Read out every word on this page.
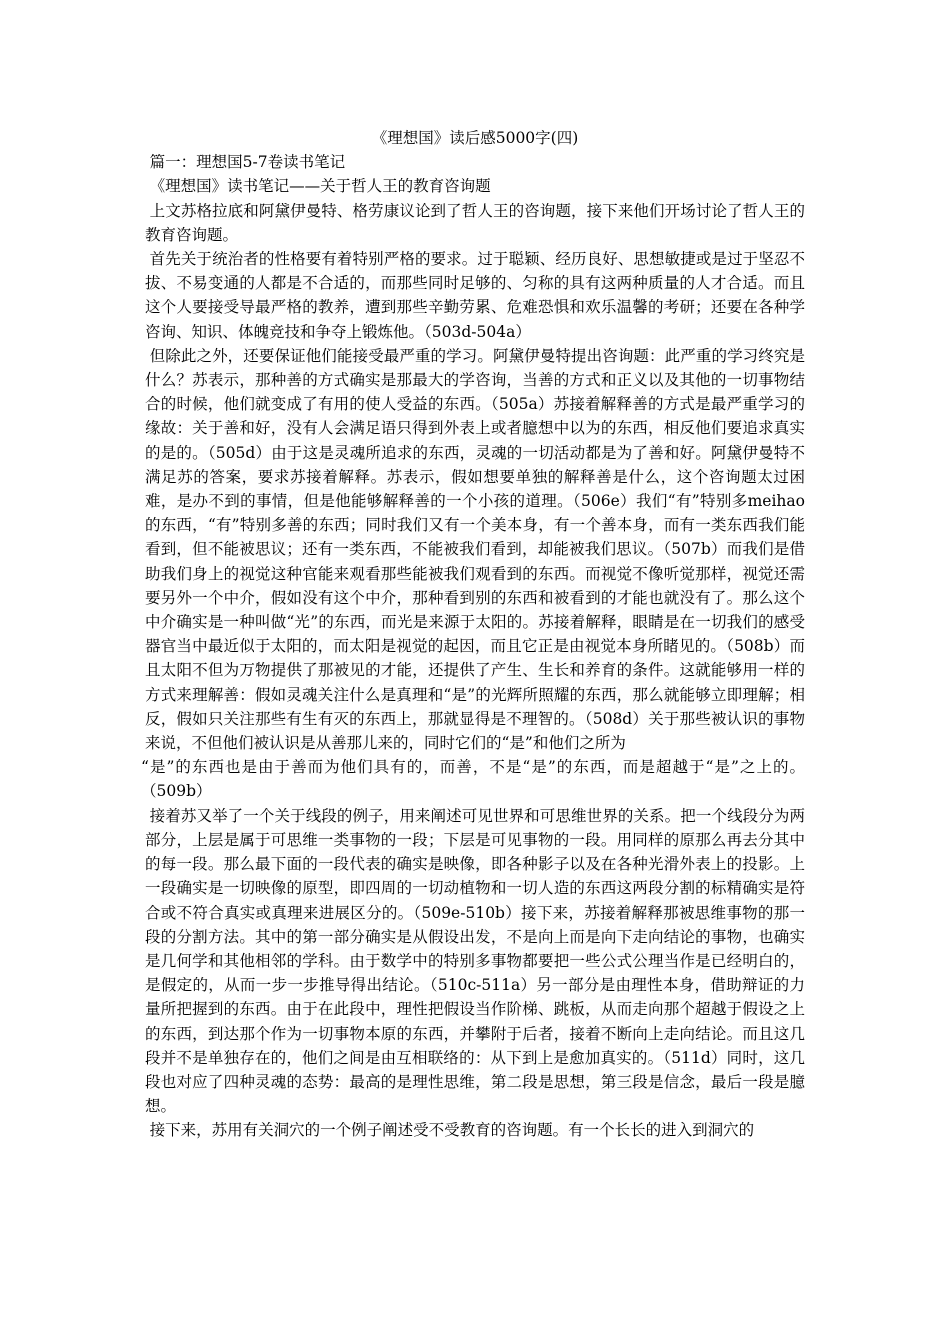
《理想国》读后感5000字(四)

篇一：理想国5-7卷读书笔记

《理想国》读书笔记——关于哲人王的教育咨询题

上文苏格拉底和阿黛伊曼特、格劳康议论到了哲人王的咨询题，接下来他们开场讨论了哲人王的教育咨询题。

首先关于统治者的性格要有着特别严格的要求。过于聪颖、经历良好、思想敏捷或是过于坚忍不拔、不易变通的人都是不合适的，而那些同时足够的、匀称的具有这两种质量的人才合适。而且这个人要接受导最严格的教养，遭到那些辛勤劳累、危难恐惧和欢乐温馨的考研；还要在各种学咨询、知识、体魄竞技和争夺上锻炼他。（503d-504a）

但除此之外，还要保证他们能接受最严重的学习。阿黛伊曼特提出咨询题：此严重的学习终究是什么？苏表示，那种善的方式确实是那最大的学咨询，当善的方式和正义以及其他的一切事物结合的时候，他们就变成了有用的使人受益的东西。（505a）苏接着解释善的方式是最严重学习的缘故：关于善和好，没有人会满足语只得到外表上或者臆想中以为的东西，相反他们要追求真实的是的。（505d）由于这是灵魂所追求的东西，灵魂的一切活动都是为了善和好。阿黛伊曼特不满足苏的答案，要求苏接着解释。苏表示，假如想要单独的解释善是什么，这个咨询题太过困难，是办不到的事情，但是他能够解释善的一个小孩的道理。（506e）我们“有”特别多meihao的东西，“有”特别多善的东西；同时我们又有一个美本身，有一个善本身，而有一类东西我们能看到，但不能被思议；还有一类东西，不能被我们看到，却能被我们思议。（507b）而我们是借助我们身上的视觉这种官能来观看那些能被我们观看到的东西。而视觉不像听觉那样，视觉还需要另外一个中介，假如没有这个中介，那种看到别的东西和被看到的才能也就没有了。那么这个中介确实是一种叫做“光”的东西，而光是来源于太阳的。苏接着解释，眼睛是在一切我们的感受器官当中最近似于太阳的，而太阳是视觉的起因，而且它正是由视觉本身所睹见的。（508b）而且太阳不但为万物提供了那被见的才能，还提供了产生、生长和养育的条件。这就能够用一样的方式来理解善：假如灵魂关注什么是真理和“是”的光辉所照耀的东西，那么就能够立即理解；相反，假如只关注那些有生有灭的东西上，那就显得是不理智的。（508d）关于那些被认识的事物来说，不但他们被认识是从善那儿来的，同时它们的“是”和他们之所为

“是”的东西也是由于善而为他们具有的，而善，不是“是”的东西，而是超越于“是”之上的。（509b）

接着苏又举了一个关于线段的例子，用来阐述可见世界和可思维世界的关系。把一个线段分为两部分，上层是属于可思维一类事物的一段；下层是可见事物的一段。用同样的原那么再去分其中的每一段。那么最下面的一段代表的确实是映像，即各种影子以及在各种光滑外表上的投影。上一段确实是一切映像的原型，即四周的一切动植物和一切人造的东西这两段分割的标精确实是符合或不符合真实或真理来进展区分的。（509e-510b）接下来，苏接着解释那被思维事物的那一段的分割方法。其中的第一部分确实是从假设出发，不是向上而是向下走向结论的事物，也确实是几何学和其他相邻的学科。由于数学中的特别多事物都要把一些公式公理当作是已经明白的，是假定的，从而一步一步推导得出结论。（510c-511a）另一部分是由理性本身，借助辩证的力量所把握到的东西。由于在此段中，理性把假设当作阶梯、跳板，从而走向那个超越于假设之上的东西，到达那个作为一切事物本原的东西，并攀附于后者，接着不断向上走向结论。而且这几段并不是单独存在的，他们之间是由互相联络的：从下到上是愈加真实的。（511d）同时，这几段也对应了四种灵魂的态势：最高的是理性思维，第二段是思想，第三段是信念，最后一段是臆想。

接下来，苏用有关洞穴的一个例子阐述受不受教育的咨询题。有一个长长的进入到洞穴的
